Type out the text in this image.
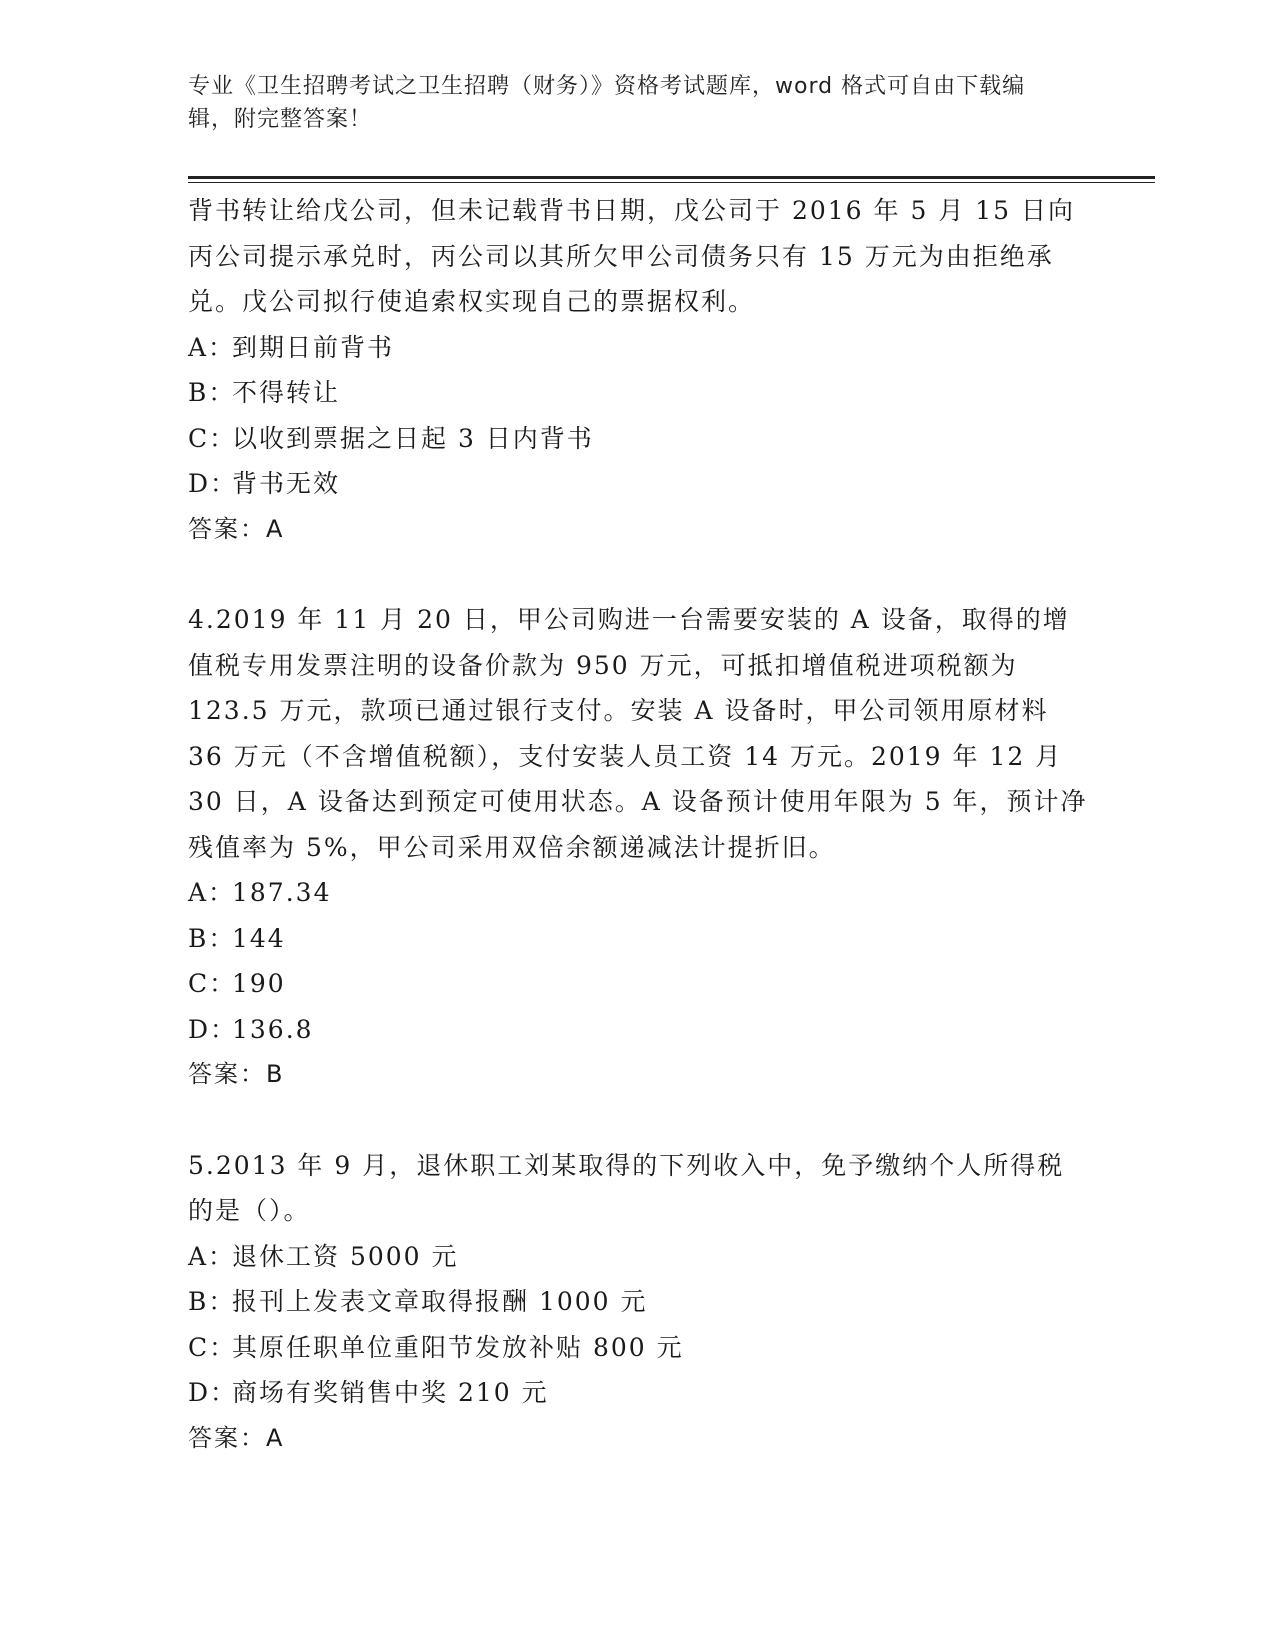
专业《卫生招聘考试之卫生招聘（财务）》资格考试题库，word 格式可自由下载编辑，附完整答案！

背书转让给戊公司，但未记载背书日期，戊公司于 2016 年 5 月 15 日向丙公司提示承兑时，丙公司以其所欠甲公司债务只有 15 万元为由拒绝承兑。戊公司拟行使追索权实现自己的票据权利。

A：
到期日前背书
B：
不得转让
C：
以收到票据之日起 3 日内背书
D：
背书无效

答案：A

4.2019 年 11 月 20 日，甲公司购进一台需要安装的 A 设备，取得的增值税专用发票注明的设备价款为 950 万元，可抵扣增值税进项税额为 123.5 万元，款项已通过银行支付。安装 A 设备时，甲公司领用原材料 36 万元（不含增值税额），支付安装人员工资 14 万元。2019 年 12 月 30 日，A 设备达到预定可使用状态。A 设备预计使用年限为 5 年，预计净残值率为 5%，甲公司采用双倍余额递减法计提折旧。

A：
187.34
B：
144
C：
190
D：
136.8

答案：B

5.2013 年 9 月，退休职工刘某取得的下列收入中，免予缴纳个人所得税的是（）。

A：
退休工资 5000 元
B：
报刊上发表文章取得报酬 1000 元
C：
其原任职单位重阳节发放补贴 800 元
D：
商场有奖销售中奖 210 元

答案：A
